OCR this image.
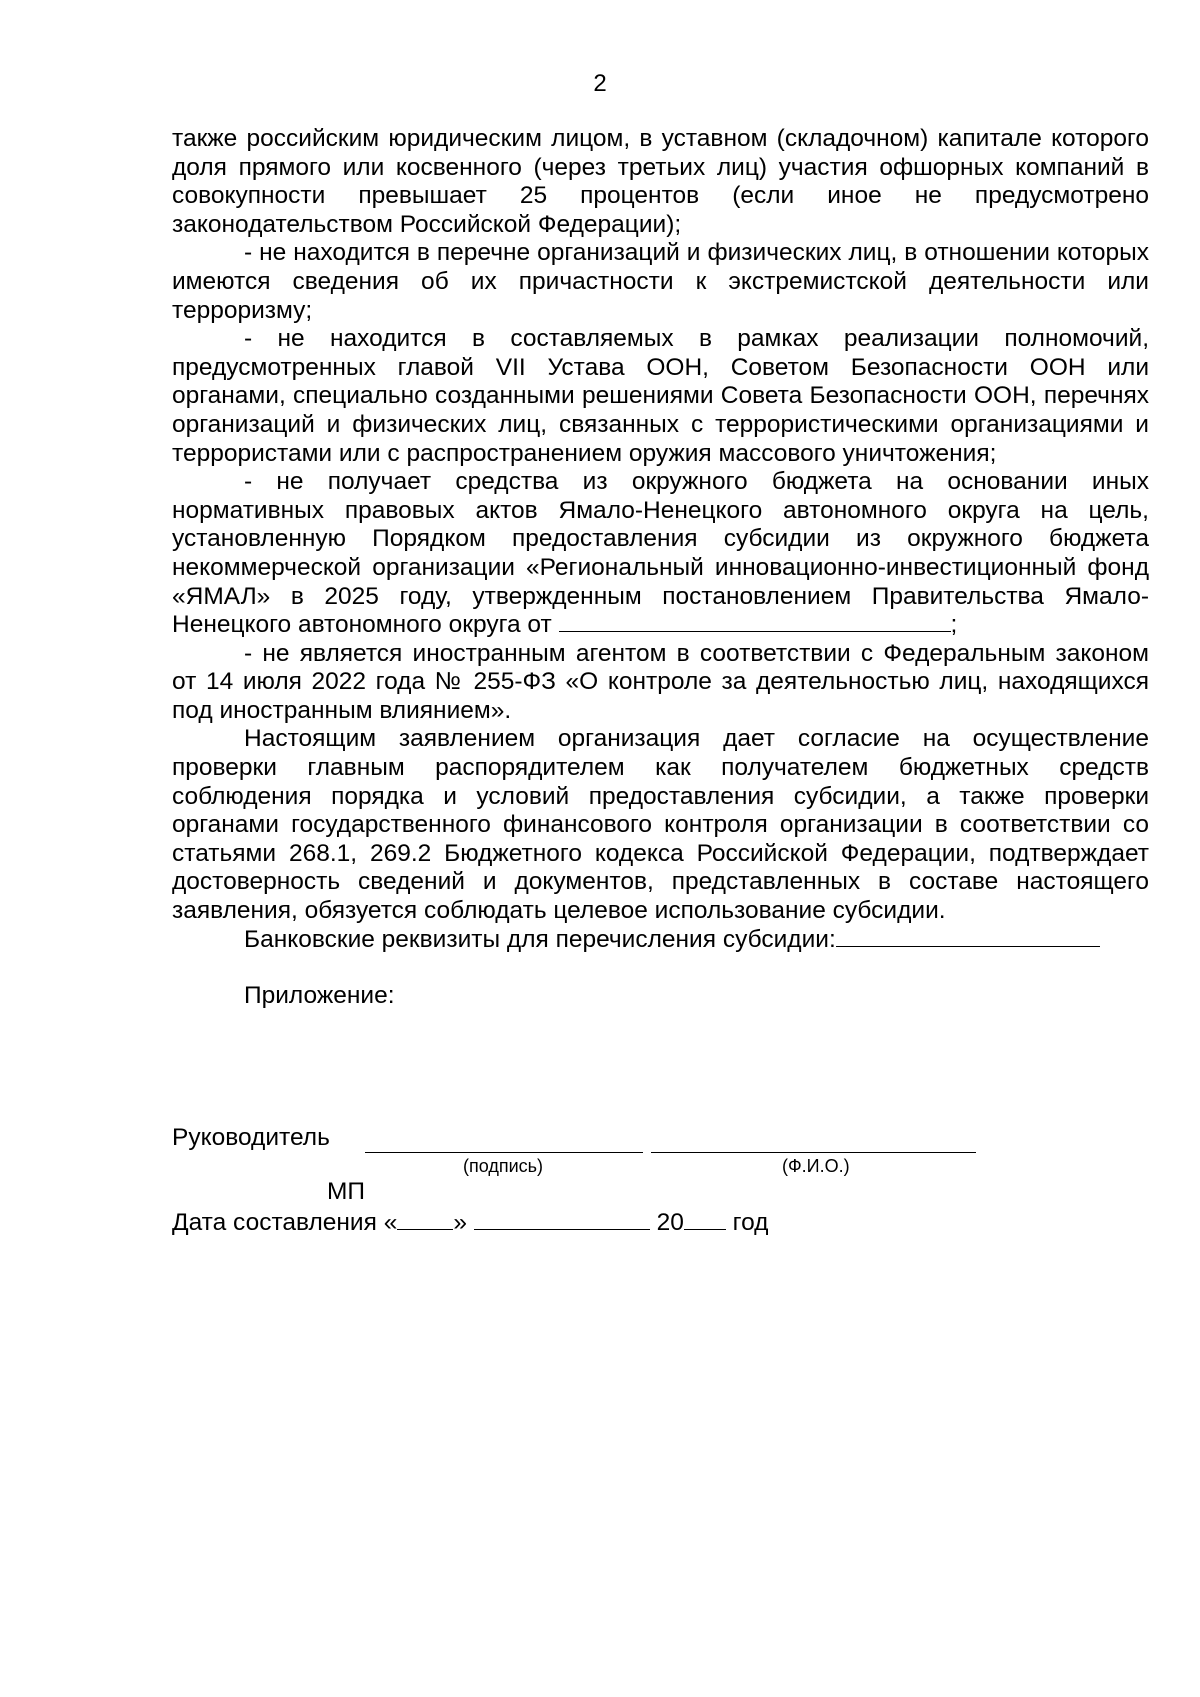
2

также российским юридическим лицом, в уставном (складочном) капитале которого доля прямого или косвенного (через третьих лиц) участия офшорных компаний в совокупности превышает 25 процентов (если иное не предусмотрено законодательством Российской Федерации);

- не находится в перечне организаций и физических лиц, в отношении которых имеются сведения об их причастности к экстремистской деятельности или терроризму;

- не находится в составляемых в рамках реализации полномочий, предусмотренных главой VII Устава ООН, Советом Безопасности ООН или органами, специально созданными решениями Совета Безопасности ООН, перечнях организаций и физических лиц, связанных с террористическими организациями и террористами или с распространением оружия массового уничтожения;

- не получает средства из окружного бюджета на основании иных нормативных правовых актов Ямало-Ненецкого автономного округа на цель, установленную Порядком предоставления субсидии из окружного бюджета некоммерческой организации «Региональный инновационно-инвестиционный фонд «ЯМАЛ» в 2025 году, утвержденным постановлением Правительства Ямало-Ненецкого автономного округа от	;

- не является иностранным агентом в соответствии с Федеральным законом от 14 июля 2022 года № 255-ФЗ «О контроле за деятельностью лиц, находящихся под иностранным влиянием».

Настоящим заявлением организация дает согласие на осуществление проверки главным распорядителем как получателем бюджетных средств соблюдения порядка и условий предоставления субсидии, а также проверки органами государственного финансового контроля организации в соответствии со статьями 268.1, 269.2 Бюджетного кодекса Российской Федерации, подтверждает достоверность сведений и документов, представленных в составе настоящего заявления, обязуется соблюдать целевое использование субсидии.

Банковские реквизиты для перечисления субсидии:

Приложение:

Руководитель
(подпись)	(Ф.И.О.)
МП
Дата составления « »	20 год
